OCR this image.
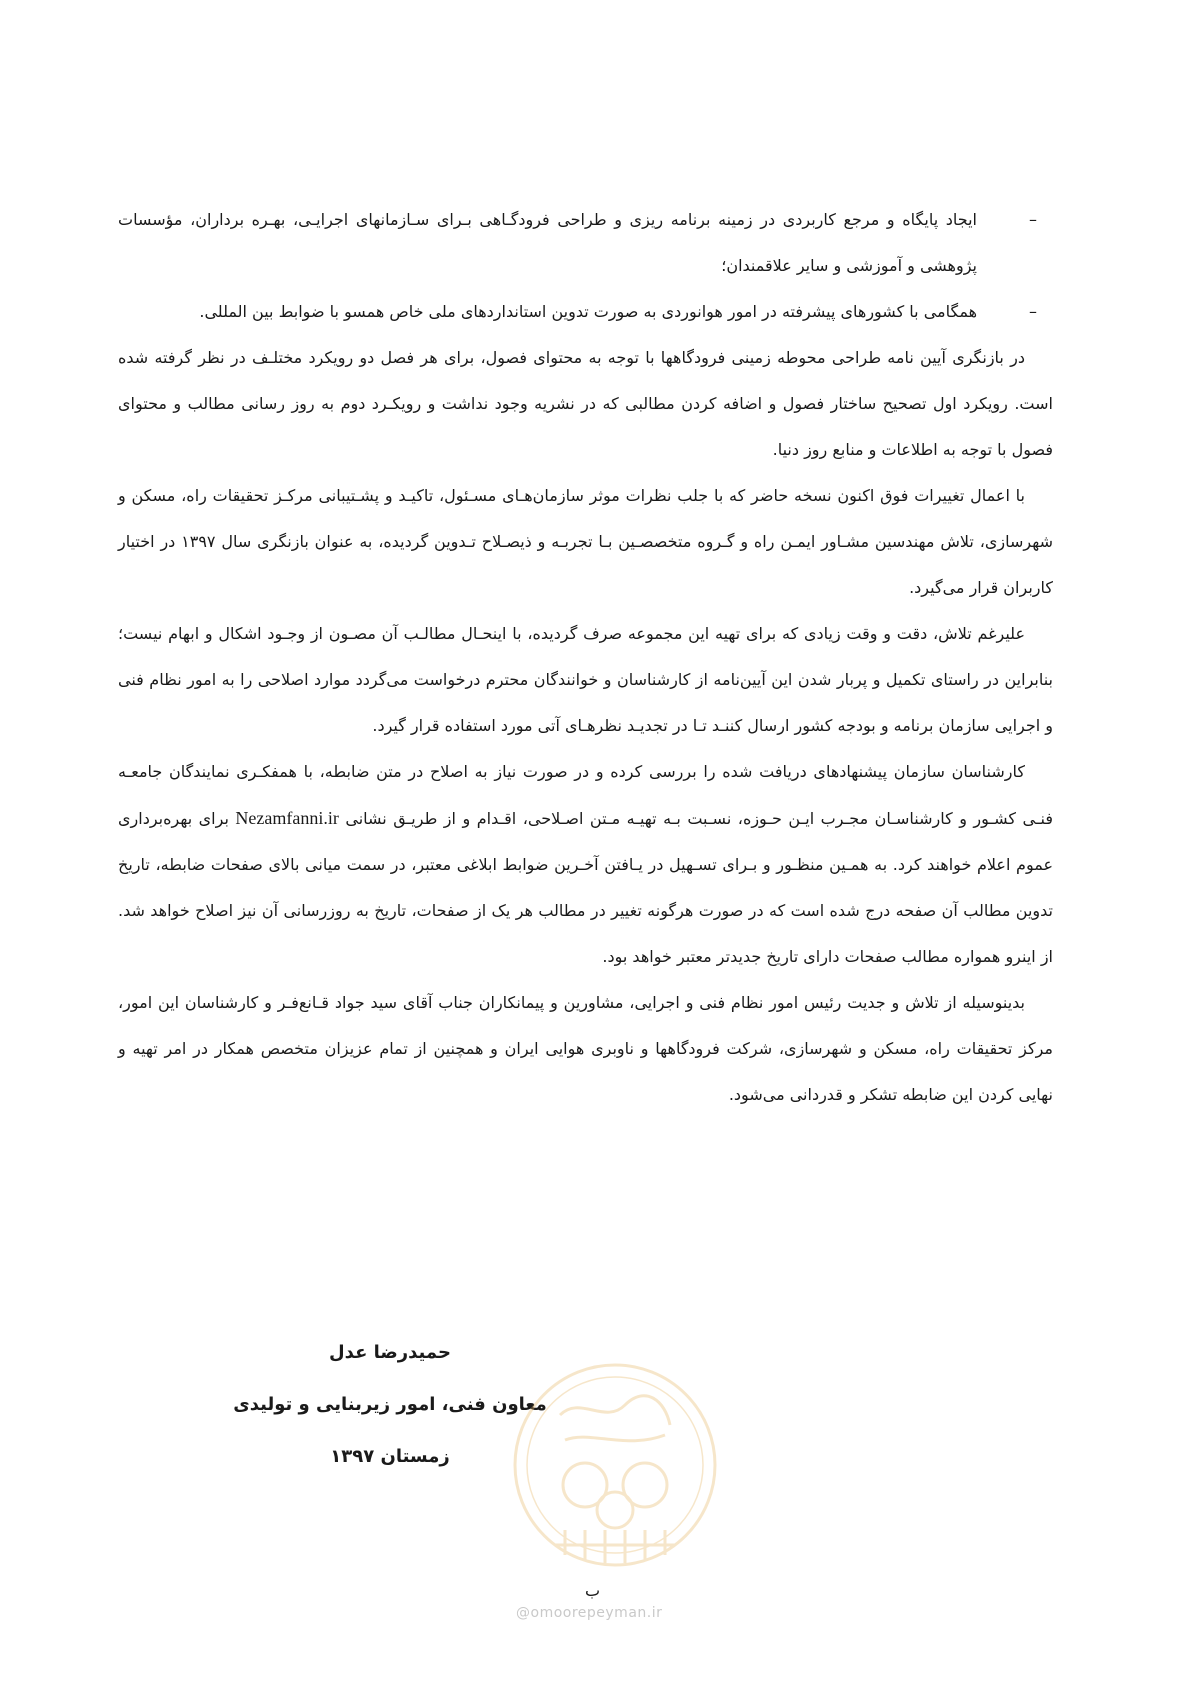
–
ایجاد پایگاه و مرجع کاربردی در زمینه برنامه ریزی و طراحی فرودگـاهی بـرای سـازمانهای اجرایـی، بهـره برداران، مؤسسات پژوهشی و آموزشی و سایر علاقمندان؛

–
همگامی با کشورهای پیشرفته در امور هوانوردی به صورت تدوین استانداردهای ملی خاص همسو با ضوابط بین المللی.

در بازنگری آیین نامه طراحی محوطه زمینی فرودگاهها با توجه به محتوای فصول، برای هر فصل دو رویکرد مختلـف در نظر گرفته شده است. رویکرد اول تصحیح ساختار فصول و اضافه کردن مطالبی که در نشریه وجود نداشت و رویکـرد دوم به روز رسانی مطالب و محتوای فصول با توجه به اطلاعات و منابع روز دنیا.

با اعمال تغییرات فوق اکنون نسخه حاضر که با جلب نظرات موثر سازمان‌هـای مسـئول، تاکیـد و پشـتیبانی مرکـز تحقیقات راه، مسکن و شهرسازی، تلاش مهندسین مشـاور ایمـن راه و گـروه متخصصـین بـا تجربـه و ذیصـلاح تـدوین گردیده، به عنوان بازنگری سال ۱۳۹۷ در اختیار کاربران قرار می‌گیرد.

علیرغم تلاش، دقت و وقت زیادی که برای تهیه این مجموعه صرف گردیده، با اینحـال مطالـب آن مصـون از وجـود اشکال و ابهام نیست؛ بنابراین در راستای تکمیل و پربار شدن این آیین‌نامه از کارشناسان و خوانندگان محترم درخواست می‌گردد موارد اصلاحی را به امور نظام فنی و اجرایی سازمان برنامه و بودجه کشور ارسال کننـد تـا در تجدیـد نظرهـای آتی مورد استفاده قرار گیرد.

کارشناسان سازمان پیشنهادهای دریافت شده را بررسی کرده و در صورت نیاز به اصلاح در متن ضابطه، با همفکـری نمایندگان جامعـه فنـی کشـور و کارشناسـان مجـرب ایـن حـوزه، نسـبت بـه تهیـه مـتن اصـلاحی، اقـدام و از طریـق نشانی Nezamfanni.ir برای بهره‌برداری عموم اعلام خواهند کرد. به همـین منظـور و بـرای تسـهیل در یـافتن آخـرین ضوابط ابلاغی معتبر، در سمت میانی بالای صفحات ضابطه، تاریخ تدوین مطالب آن صفحه درج شده است که در صورت هرگونه تغییر در مطالب هر یک از صفحات، تاریخ به روزرسانی آن نیز اصلاح خواهد شد. از اینرو همواره مطالب صفحات دارای تاریخ جدیدتر معتبر خواهد بود.

بدینوسیله از تلاش و جدیت رئیس امور نظام فنی و اجرایی، مشاورین و پیمانکاران جناب آقای سید جواد قـانع‌فـر و کارشناسان این امور، مرکز تحقیقات راه، مسکن و شهرسازی، شرکت فرودگاهها و ناوبری هوایی ایران و همچنین از تمام عزیزان متخصص همکار در امر تهیه و نهایی کردن این ضابطه تشکر و قدردانی می‌شود.

حمیدرضا عدل
معاون فنی، امور زیربنایی و تولیدی
زمستان ۱۳۹۷
ب
@omoorepeyman.ir
